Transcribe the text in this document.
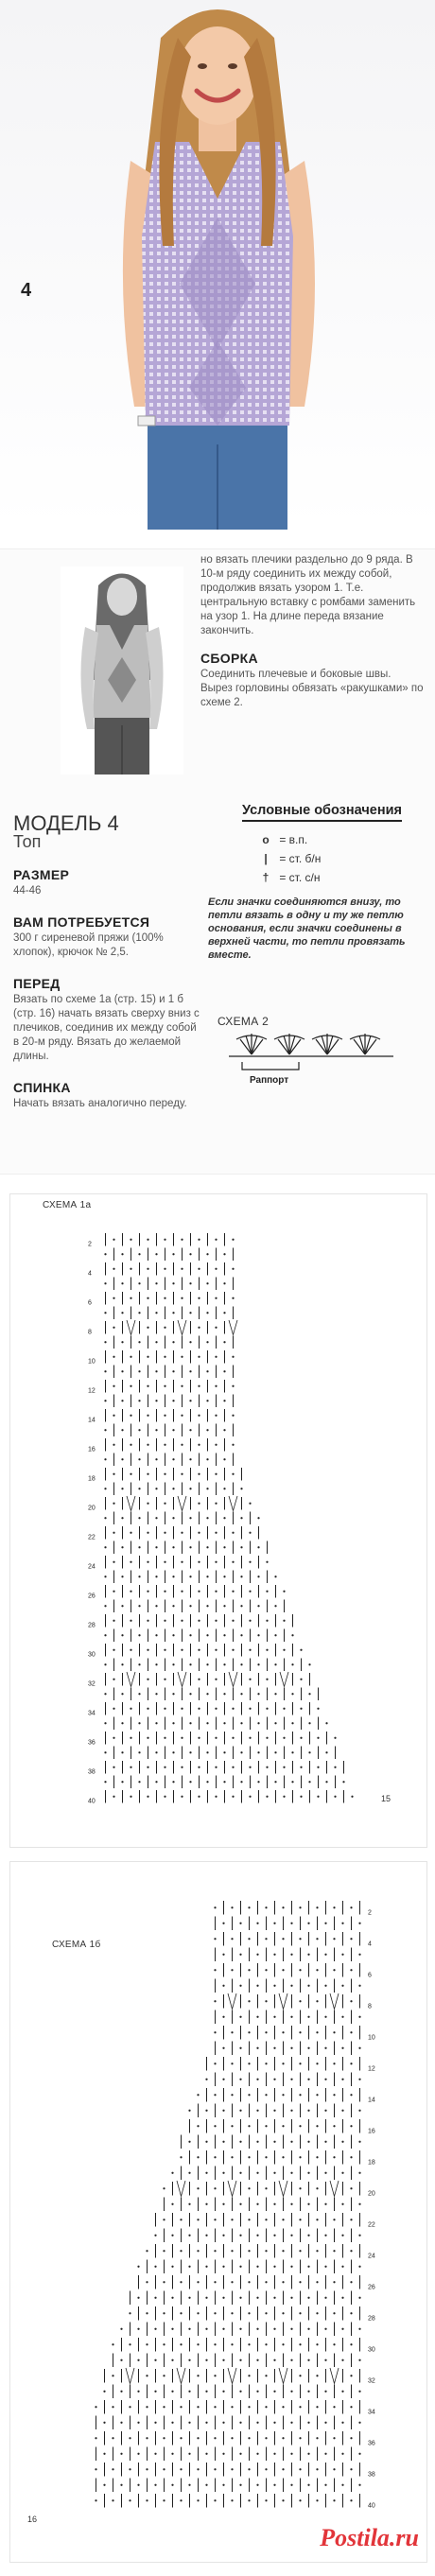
4

но вязать плечики раздельно до 9 ряда. В 10-м ряду соединить их между собой, продолжив вязать узором 1. Т.е. центральную вставку с ромбами заменить на узор 1. На длине переда вязание закончить.

СБОРКА

Соединить плечевые и боковые швы. Вырез горловины обвязать «ракушками» по схеме 2.

Условные обозначения
o = в.п.
| = ст. б/н
† = ст. с/н
Если значки соединяются внизу, то петли вязать в одну и ту же петлю основания, если значки соединены в верхней части, то петли провязать вместе.
МОДЕЛЬ 4
Топ
РАЗМЕР

44-46

ВАМ ПОТРЕБУЕТСЯ

300 г сиреневой пряжи (100% хлопок), крючок № 2,5.

ПЕРЕД

Вязать по схеме 1а (стр. 15) и 1 б (стр. 16) начать вязать сверху вниз с плечиков, соединив их между собой в 20-м ряду. Вязать до желаемой длины.

СПИНКА

Начать вязать аналогично переду.

СХЕМА 2
Раппорт
СХЕМА 1а
2
4
6
8
10
12
14
16
18
20
22
24
26
28
30
32
34
36
38
40	15
СХЕМА 1б
2
4
6
8
10
12
14
16
18
20
22
24
26
28
30
32
34
36
38
40
16
Postila.ru
